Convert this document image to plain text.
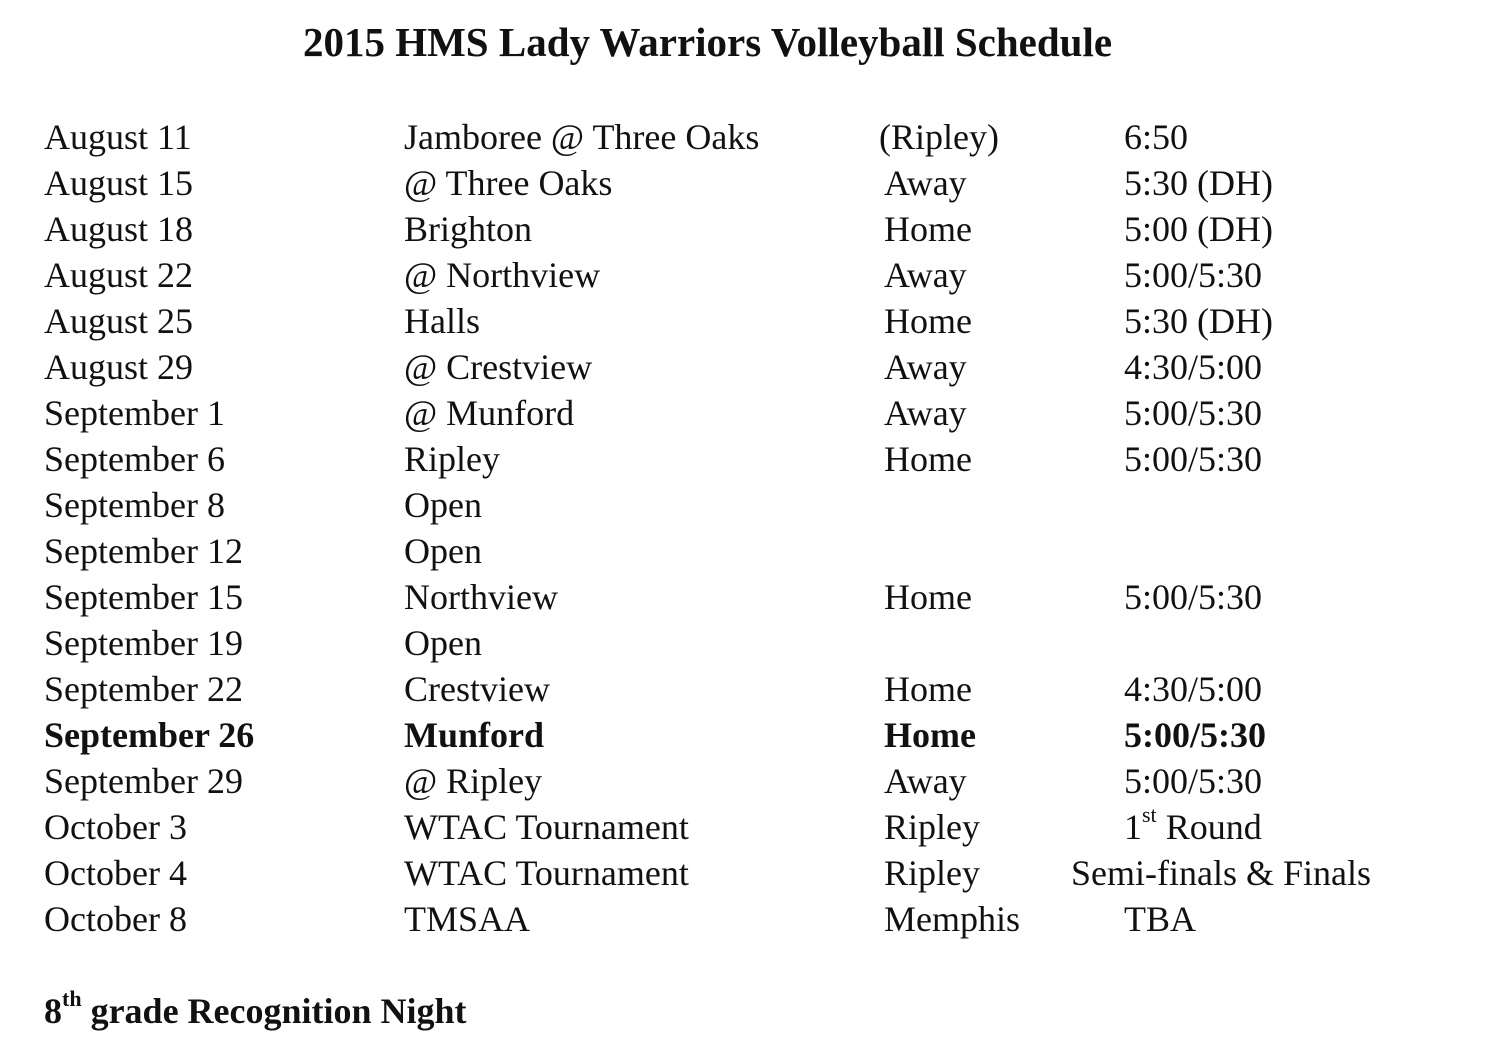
2015 HMS Lady Warriors Volleyball Schedule
August 11	Jamboree @ Three Oaks	(Ripley)	6:50
August 15	@ Three Oaks	Away	5:30 (DH)
August 18	Brighton	Home	5:00 (DH)
August 22	@ Northview	Away	5:00/5:30
August 25	Halls	Home	5:30 (DH)
August 29	@ Crestview	Away	4:30/5:00
September 1	@ Munford	Away	5:00/5:30
September 6	Ripley	Home	5:00/5:30
September 8	Open
September 12	Open
September 15	Northview	Home	5:00/5:30
September 19	Open
September 22	Crestview	Home	4:30/5:00
September 26	Munford	Home	5:00/5:30
September 29	@ Ripley	Away	5:00/5:30
October 3	WTAC Tournament	Ripley	1st Round
October 4	WTAC Tournament	Ripley	Semi-finals & Finals
October 8	TMSAA	Memphis	TBA
8th grade Recognition Night
